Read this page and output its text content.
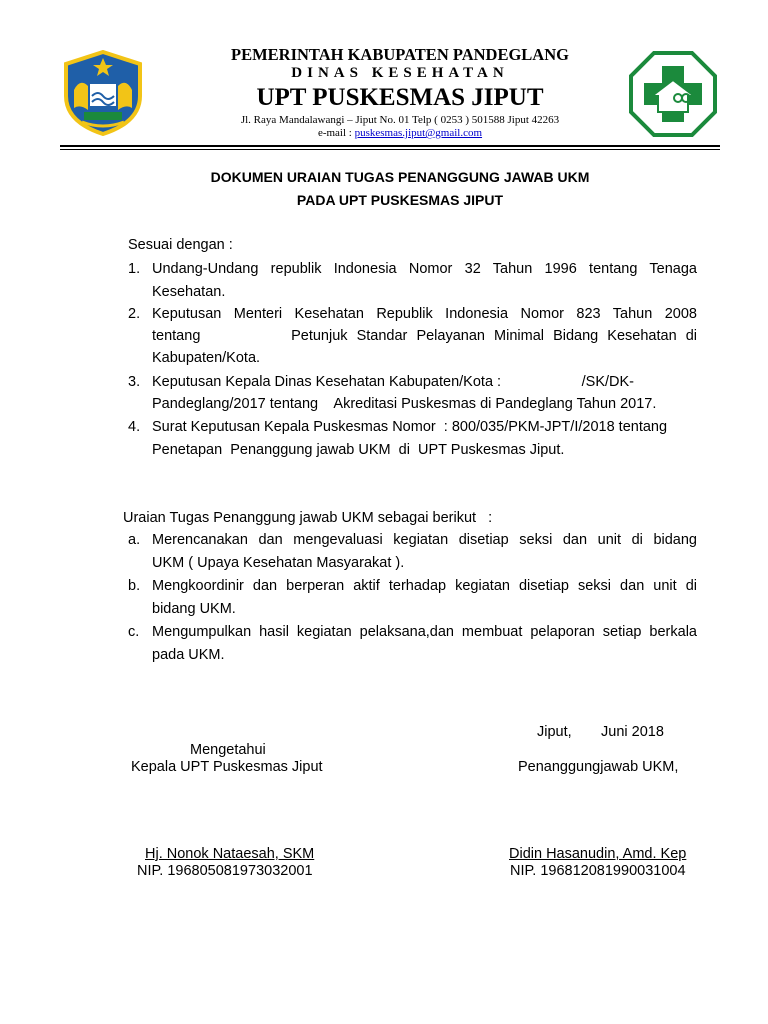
PEMERINTAH KABUPATEN PANDEGLANG
DINAS KESEHATAN
UPT PUSKESMAS JIPUT
Jl. Raya Mandalawangi – Jiput No. 01 Telp ( 0253 ) 501588 Jiput 42263
e-mail : puskesmas.jiput@gmail.com
DOKUMEN URAIAN TUGAS PENANGGUNG JAWAB UKM
PADA UPT PUSKESMAS JIPUT
Sesuai dengan :
1. Undang-Undang republik Indonesia Nomor 32 Tahun 1996 tentang Tenaga
Kesehatan.
2. Keputusan Menteri Kesehatan Republik Indonesia Nomor 823 Tahun 2008
tentang          Petunjuk Standar Pelayanan Minimal Bidang Kesehatan di
Kabupaten/Kota.
3. Keputusan Kepala Dinas Kesehatan Kabupaten/Kota :                    /SK/DK-
Pandeglang/2017 tentang    Akreditasi Puskesmas di Pandeglang Tahun 2017.
4. Surat Keputusan Kepala Puskesmas Nomor  : 800/035/PKM-JPT/I/2018 tentang
Penetapan  Penanggung jawab UKM  di  UPT Puskesmas Jiput.
Uraian Tugas Penanggung jawab UKM sebagai berikut   :
a. Merencanakan dan mengevaluasi kegiatan disetiap seksi dan unit di bidang
UKM ( Upaya Kesehatan Masyarakat ).
b. Mengkoordinir dan berperan aktif terhadap kegiatan disetiap seksi dan unit di
bidang UKM.
c. Mengumpulkan hasil kegiatan pelaksana,dan membuat pelaporan setiap berkala
pada UKM.
Jiput, Juni 2018
Mengetahui
Kepala UPT Puskesmas Jiput	Penanggungjawab UKM,
Hj. Nonok Nataesah, SKM
NIP. 196805081973032001
Didin Hasanudin, Amd. Kep
NIP. 196812081990031004
